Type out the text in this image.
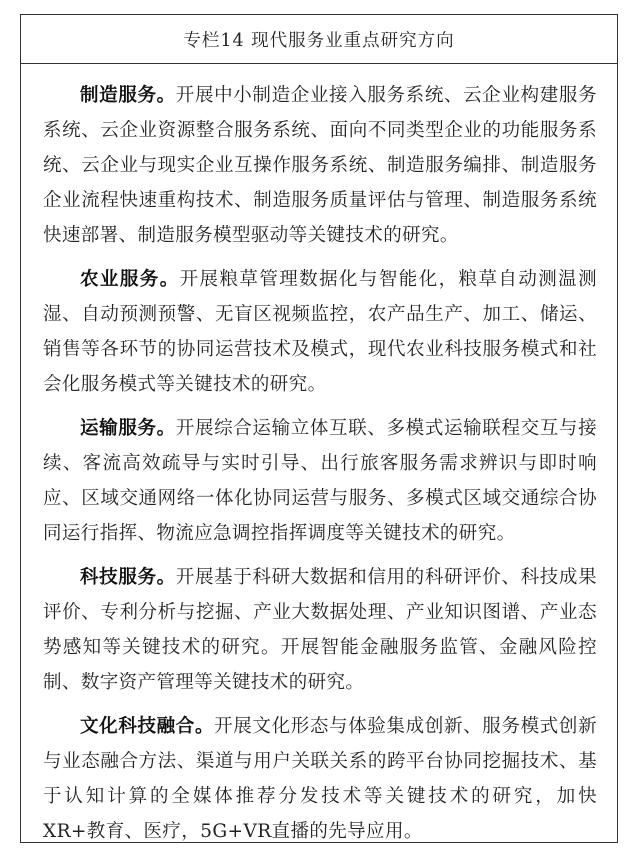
专栏14 现代服务业重点研究方向

制造服务。开展中小制造企业接入服务系统、云企业构建服务系统、云企业资源整合服务系统、面向不同类型企业的功能服务系统、云企业与现实企业互操作服务系统、制造服务编排、制造服务企业流程快速重构技术、制造服务质量评估与管理、制造服务系统快速部署、制造服务模型驱动等关键技术的研究。

农业服务。开展粮草管理数据化与智能化，粮草自动测温测湿、自动预测预警、无盲区视频监控，农产品生产、加工、储运、销售等各环节的协同运营技术及模式，现代农业科技服务模式和社会化服务模式等关键技术的研究。

运输服务。开展综合运输立体互联、多模式运输联程交互与接续、客流高效疏导与实时引导、出行旅客服务需求辨识与即时响应、区域交通网络一体化协同运营与服务、多模式区域交通综合协同运行指挥、物流应急调控指挥调度等关键技术的研究。

科技服务。开展基于科研大数据和信用的科研评价、科技成果评价、专利分析与挖掘、产业大数据处理、产业知识图谱、产业态势感知等关键技术的研究。开展智能金融服务监管、金融风险控制、数字资产管理等关键技术的研究。

文化科技融合。开展文化形态与体验集成创新、服务模式创新与业态融合方法、渠道与用户关联关系的跨平台协同挖掘技术、基于认知计算的全媒体推荐分发技术等关键技术的研究，加快XR+教育、医疗，5G+VR直播的先导应用。
